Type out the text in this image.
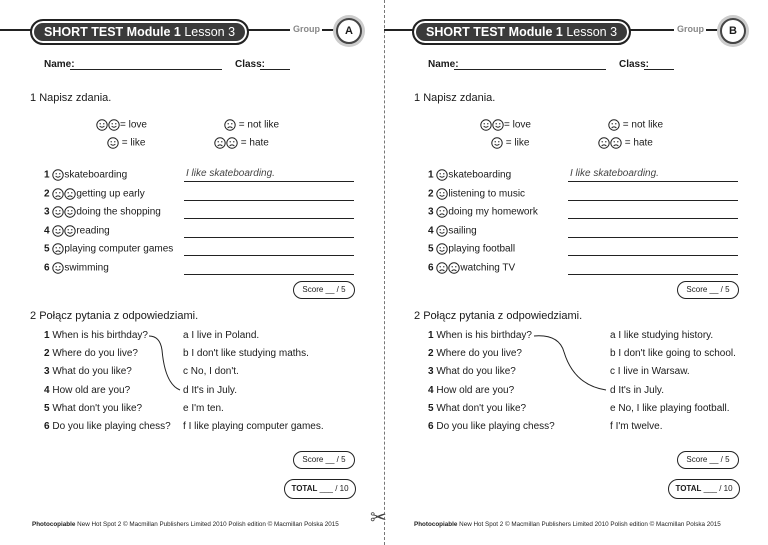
✂
SHORT TEST Module 1 Lesson 3	Group	A
Name:	Class:
1 Napisz zdania.
= love	= not like
= like	= hate
1 skateboarding	I like skateboarding.
2	getting up early
3	doing the shopping
4	reading
5 playing computer games
6 swimming
Score __ / 5
2 Połącz pytania z odpowiedziami.
1 When is his birthday?
2 Where do you live?
3 What do you like?
4 How old are you?
5 What don't you like?
6 Do you like playing chess?
a I live in Poland.
b I don't like studying maths.
c No, I don't.
d It's in July.
e I'm ten.
f I like playing computer games.
Score __ / 5
TOTAL ___ / 10
Photocopiable New Hot Spot 2 © Macmillan Publishers Limited 2010 Polish edition © Macmillan Polska 2015
SHORT TEST Module 1 Lesson 3	Group	B
Name:	Class:
1 Napisz zdania.
= love	= not like
= like	= hate
1 skateboarding	I like skateboarding.
2 listening to music
3 doing my homework
4 sailing
5 playing football
6	watching TV
Score __ / 5
2 Połącz pytania z odpowiedziami.
1 When is his birthday?
2 Where do you live?
3 What do you like?
4 How old are you?
5 What don't you like?
6 Do you like playing chess?
a I like studying history.
b I don't like going to school.
c I live in Warsaw.
d It's in July.
e No, I like playing football.
f I'm twelve.
Score __ / 5
TOTAL ___ / 10
Photocopiable New Hot Spot 2 © Macmillan Publishers Limited 2010 Polish edition © Macmillan Polska 2015
